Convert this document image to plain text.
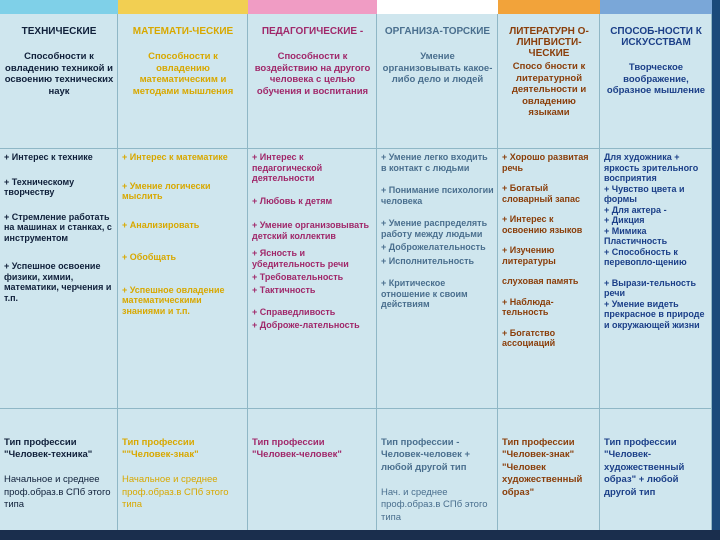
ТЕХНИЧЕСКИЕ
Способности к овладению техникой и освоению технических наук
+ Интерес к технике
+ Техническому творчеству
+ Стремление работать на машинах и станках, с инструментом
+ Успешное освоение физики, химии, математики, черчения и т.п.

Тип профессии "Человек-техника"

Начальное и среднее проф.образ.в СПб этого типа

МАТЕМАТИ-ЧЕСКИЕ
Способности к овладению математическим и методами мышления
+ Интерес к математике
+ Умение логически мыслить
+ Анализировать
+ Обобщать
+ Успешное овладение математическими знаниями и т.п.

Тип профессии ""Человек-знак"

Начальное и среднее проф.образ.в СПб этого типа

ПЕДАГОГИЧЕСКИЕ -
Способности к воздействию на другого человека с целью обучения и воспитания
+ Интерес к педагогической деятельности
+ Любовь к детям
+ Умение организовывать детский коллектив
+ Ясность и убедительность речи
+ Требовательность
+ Тактичность
+ Справедливость
+ Доброже-лательность

Тип профессии "Человек-человек"

ОРГАНИЗА-ТОРСКИЕ
Умение организовывать какое-либо дело и людей
+ Умение легко входить в контакт с людьми
+ Понимание психологии человека
+ Умение распределять работу между людьми
+ Доброжелательность
+ Исполнительность
+ Критическое отношение к своим действиям

Тип профессии - Человек-человек + любой другой тип

Нач. и среднее проф.образ.в СПб этого типа

ЛИТЕРАТУРН О-ЛИНГВИСТИ-ЧЕСКИЕ
Спосо бности к литературной деятельности и овладению языками
+ Хорошо развитая речь
+ Богатый словарный запас
+ Интерес к освоению языков
+ Изучению литературы
слуховая память
+ Наблюда-тельность
+ Богатство ассоциаций

Тип профессии "Человек-знак" "Человек художественный образ"

СПОСОБ-НОСТИ К ИСКУССТВАМ
Творческое воображение, образное мышление
Для художника + яркость зрительного восприятия
+ Чувство цвета и формы
+ Для актера -
+ Дикция
+ Мимика
Пластичность
+ Способность к перевопло-щению
+ Вырази-тельность речи
+ Умение видеть прекрасное в природе и окружающей жизни

Тип профессии "Человек-художественный образ" + любой другой тип
